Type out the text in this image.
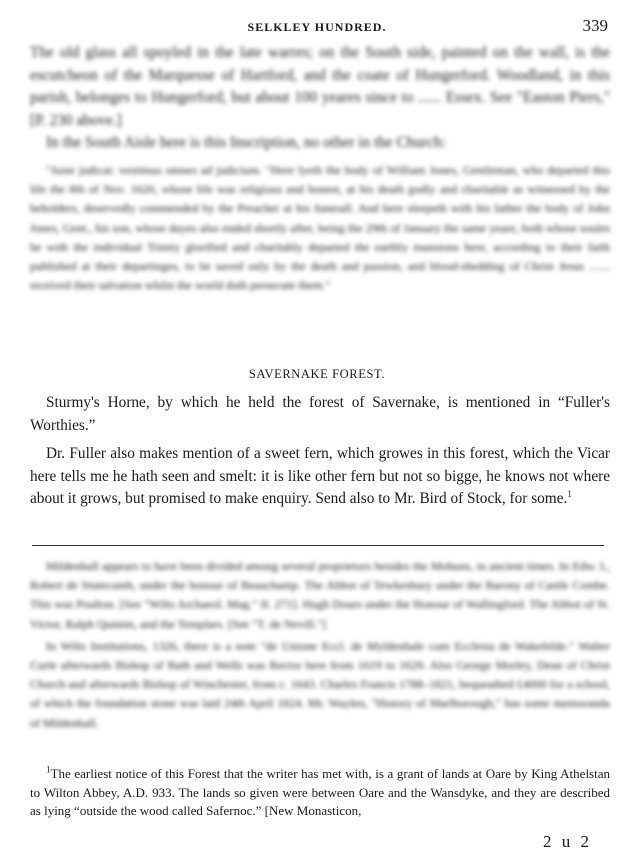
SELKLEY HUNDRED.	339

The old glass all spoyled in the late warres; on the South side, painted on the wall, is the escutcheon of the Marquesse of Hartford, and the coate of Hungerford. Woodland, in this parish, belonges to Hungerford, but about 100 yeares since to ...... Essex. See "Easton Piers," [P. 230 above.]

In the South Aisle here is this Inscription, no other in the Church:

"Juste judicat: vestimus omnes ad judicium. "Here lyeth the body of William Jones, Gentleman, who departed this life the 8th of Nov. 1620, whose life was religious and honest, at his death godly and charitable as witnessed by the beholders, deservedly commended by the Preacher at his funerall. And here sleepeth with his father the body of John Jones, Gent., his son, whose dayes also ended shortly after, being the 29th of January the same yeare, both whose soules be with the individual Trinity glorified and charitably departed the earthly mansions here, according to their faith published at their departinges, to be saved only by the death and passion, and blood-shedding of Christ Jesus ....... received their salvation whilst the world doth persecute them."

SAVERNAKE FOREST.

Sturmy's Horne, by which he held the forest of Savernake, is mentioned in “Fuller's Worthies.”

Dr. Fuller also makes mention of a sweet fern, which growes in this forest, which the Vicar here tells me he hath seen and smelt: it is like other fern but not so bigge, he knows not where about it grows, but promised to make enquiry. Send also to Mr. Bird of Stock, for some.$^1$

Mildenhall appears to have been divided among several proprietors besides the Mohuns, in ancient times. In Edw. I., Robert de Stutecumb, under the honour of Beauchamp. The Abbot of Tewkesbury under the Barony of Castle Combe. This was Poulton. [See "Wilts Archaeol. Mag." II. 271]. Hugh Dours under the Honour of Wallingford. The Abbot of St. Victor, Ralph Quintin, and the Templars. [See "T. de Nevill."]

In Wilts Institutions, 1326, there is a note "de Unione Eccl. de Myldenhale cum Ecclesia de Wakefelde." Walter Curle afterwards Bishop of Bath and Wells was Rector here from 1619 to 1629. Also George Morley, Dean of Christ Church and afterwards Bishop of Winchester, from c. 1643. Charles Francis 1788–1821, bequeathed £4000 for a school, of which the foundation stone was laid 24th April 1824. Mr. Waylen, "History of Marlborough," has some memoranda of Mildenhall.

$^1$The earliest notice of this Forest that the writer has met with, is a grant of lands at Oare by King Athelstan to Wilton Abbey, A.D. 933. The lands so given were between Oare and the Wansdyke, and they are described as lying “outside the wood called Safernoc.” [New Monasticon,

2 u 2
